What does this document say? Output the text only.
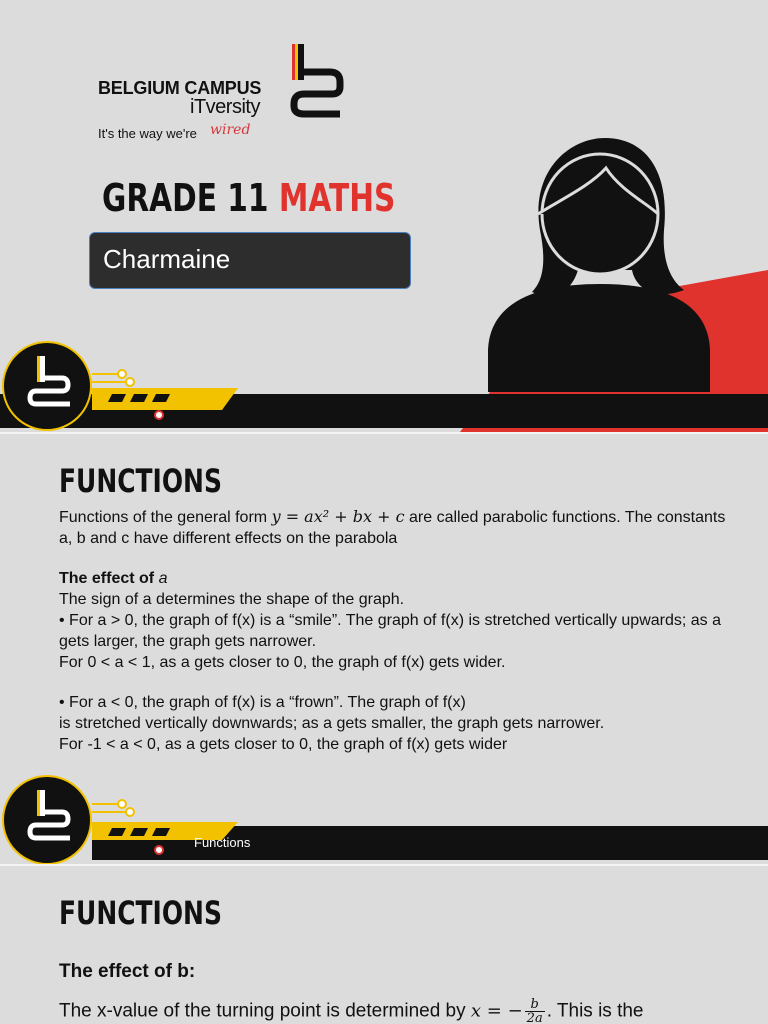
BELGIUM CAMPUS
iTversity
It's the way we're wired
GRADE 11 MATHS
Charmaine
FUNCTIONS

Functions of the general form y = ax² + bx + c are called parabolic functions. The constants a, b and c have different effects on the parabola

The effect of a

The sign of a determines the shape of the graph.

• For a > 0, the graph of f(x) is a “smile”. The graph of f(x) is stretched vertically upwards; as a gets larger, the graph gets narrower.

For 0 < a < 1, as a gets closer to 0, the graph of f(x) gets wider.

• For a < 0, the graph of f(x) is a “frown”. The graph of f(x)

is stretched vertically downwards; as a gets smaller, the graph gets narrower.

For -1 < a < 0, as a gets closer to 0, the graph of f(x) gets wider

Functions
FUNCTIONS

The effect of b:

The x-value of the turning point is determined by x = − $\frac{b}{2a}$ . This is the
